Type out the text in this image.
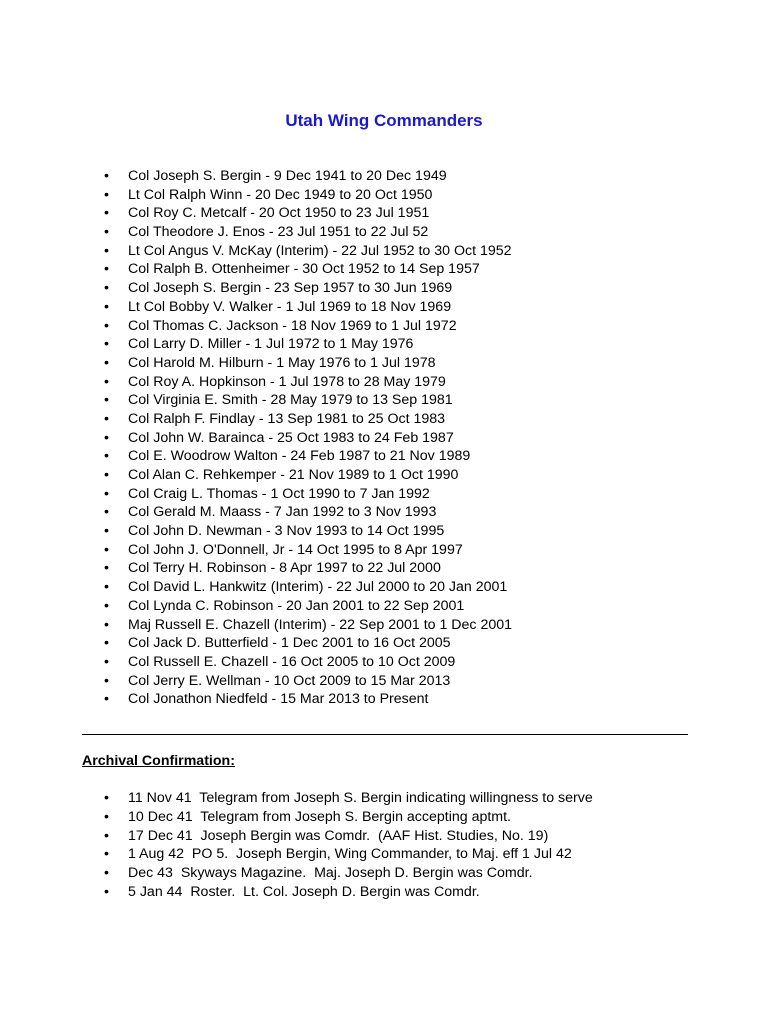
Utah Wing Commanders
• Col Joseph S. Bergin - 9 Dec 1941 to 20 Dec 1949
• Lt Col Ralph Winn - 20 Dec 1949 to 20 Oct 1950
• Col Roy C. Metcalf - 20 Oct 1950 to 23 Jul 1951
• Col Theodore J. Enos - 23 Jul 1951 to 22 Jul 52
• Lt Col Angus V. McKay (Interim) - 22 Jul 1952 to 30 Oct 1952
• Col Ralph B. Ottenheimer - 30 Oct 1952 to 14 Sep 1957
• Col Joseph S. Bergin - 23 Sep 1957 to 30 Jun 1969
• Lt Col Bobby V. Walker - 1 Jul 1969 to 18 Nov 1969
• Col Thomas C. Jackson - 18 Nov 1969 to 1 Jul 1972
• Col Larry D. Miller - 1 Jul 1972 to 1 May 1976
• Col Harold M. Hilburn - 1 May 1976 to 1 Jul 1978
• Col Roy A. Hopkinson - 1 Jul 1978 to 28 May 1979
• Col Virginia E. Smith - 28 May 1979 to 13 Sep 1981
• Col Ralph F. Findlay - 13 Sep 1981 to 25 Oct 1983
• Col John W. Barainca - 25 Oct 1983 to 24 Feb 1987
• Col E. Woodrow Walton - 24 Feb 1987 to 21 Nov 1989
• Col Alan C. Rehkemper - 21 Nov 1989 to 1 Oct 1990
• Col Craig L. Thomas - 1 Oct 1990 to 7 Jan 1992
• Col Gerald M. Maass - 7 Jan 1992 to 3 Nov 1993
• Col John D. Newman - 3 Nov 1993 to 14 Oct 1995
• Col John J. O'Donnell, Jr - 14 Oct 1995 to 8 Apr 1997
• Col Terry H. Robinson - 8 Apr 1997 to 22 Jul 2000
• Col David L. Hankwitz (Interim) - 22 Jul 2000 to 20 Jan 2001
• Col Lynda C. Robinson - 20 Jan 2001 to 22 Sep 2001
• Maj Russell E. Chazell (Interim) - 22 Sep 2001 to 1 Dec 2001
• Col Jack D. Butterfield - 1 Dec 2001 to 16 Oct 2005
• Col Russell E. Chazell - 16 Oct 2005 to 10 Oct 2009
• Col Jerry E. Wellman - 10 Oct 2009 to 15 Mar 2013
• Col Jonathon Niedfeld - 15 Mar 2013 to Present
Archival Confirmation:
• 11 Nov 41  Telegram from Joseph S. Bergin indicating willingness to serve
• 10 Dec 41  Telegram from Joseph S. Bergin accepting aptmt.
• 17 Dec 41  Joseph Bergin was Comdr.  (AAF Hist. Studies, No. 19)
• 1 Aug 42  PO 5.  Joseph Bergin, Wing Commander, to Maj. eff 1 Jul 42
• Dec 43  Skyways Magazine.  Maj. Joseph D. Bergin was Comdr.
• 5 Jan 44  Roster.  Lt. Col. Joseph D. Bergin was Comdr.
